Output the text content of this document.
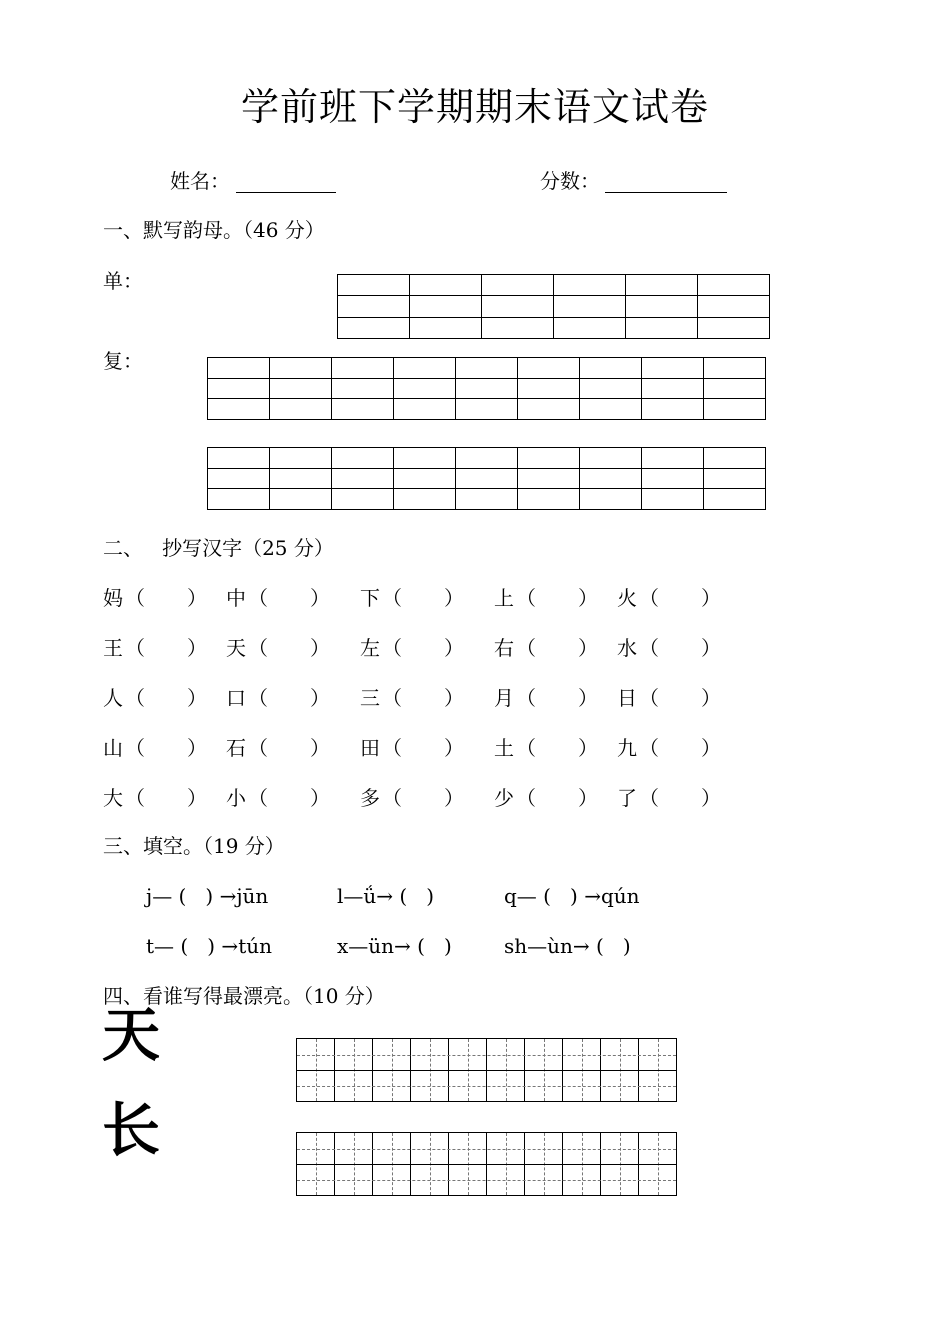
学前班下学期期末语文试卷
姓名：	分数：
一、默写韵母。（46 分）
单：

复：

二、   抄写汉字（25 分）
妈 （ ） 中 （ ） 下 （ ） 上 （ ） 火 （ ）
王 （ ） 天 （ ） 左 （ ） 右 （ ） 水 （ ）
人 （ ） 口 （ ） 三 （ ） 月 （ ） 日 （ ）
山 （ ） 石 （ ） 田 （ ） 土 （ ） 九 （ ）
大 （ ） 小 （ ） 多 （ ） 少 （ ） 了 （ ）
三、填空。（19 分）
j— (   ) →jūn	l—ǘ→ (   )	q— (   ) →qún
t— (   ) →tún	x—ün→ (   )	sh—ùn→ (   )
四、看谁写得最漂亮。（10 分）
天
长
